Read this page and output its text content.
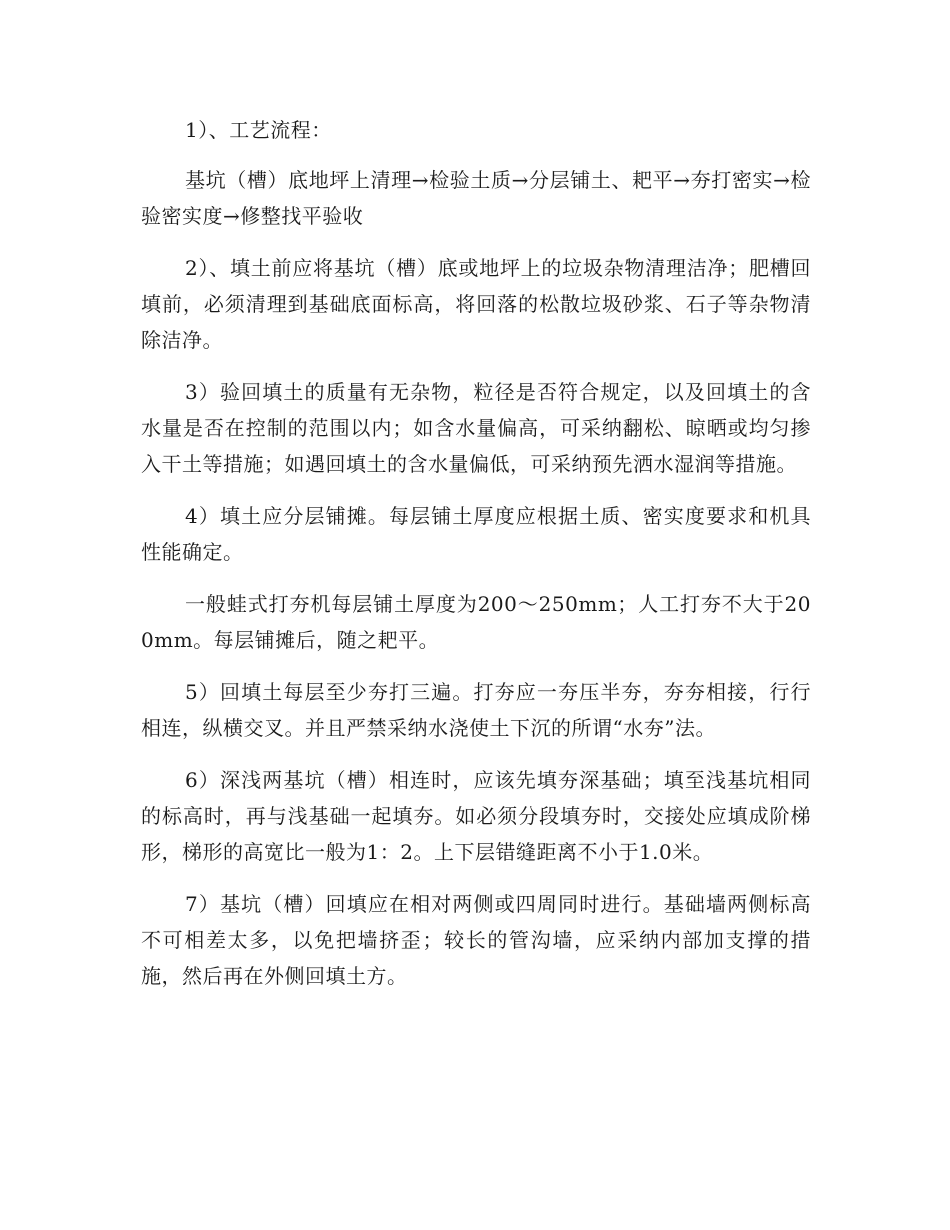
1）、工艺流程：

基坑（槽）底地坪上清理→检验土质→分层铺土、耙平→夯打密实→检验密实度→修整找平验收

2）、填土前应将基坑（槽）底或地坪上的垃圾杂物清理洁净；肥槽回填前，必须清理到基础底面标高，将回落的松散垃圾砂浆、石子等杂物清除洁净。

3）验回填土的质量有无杂物，粒径是否符合规定，以及回填土的含水量是否在控制的范围以内；如含水量偏高，可采纳翻松、晾晒或均匀掺入干土等措施；如遇回填土的含水量偏低，可采纳预先洒水湿润等措施。

4）填土应分层铺摊。每层铺土厚度应根据土质、密实度要求和机具性能确定。

一般蛙式打夯机每层铺土厚度为200～250mm；人工打夯不大于200mm。每层铺摊后，随之耙平。

5）回填土每层至少夯打三遍。打夯应一夯压半夯，夯夯相接，行行相连，纵横交叉。并且严禁采纳水浇使土下沉的所谓“水夯”法。

6）深浅两基坑（槽）相连时，应该先填夯深基础；填至浅基坑相同的标高时，再与浅基础一起填夯。如必须分段填夯时，交接处应填成阶梯形，梯形的高宽比一般为1：2。上下层错缝距离不小于1.0米。

7）基坑（槽）回填应在相对两侧或四周同时进行。基础墙两侧标高不可相差太多，以免把墙挤歪；较长的管沟墙，应采纳内部加支撑的措施，然后再在外侧回填土方。
